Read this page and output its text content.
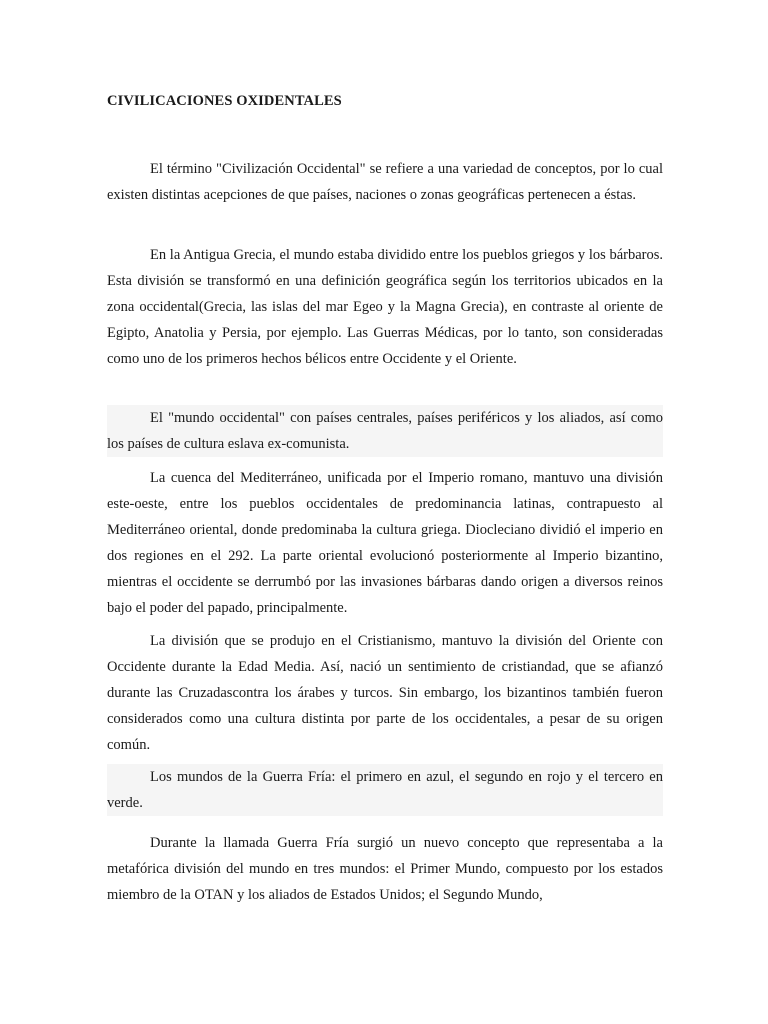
CIVILICACIONES OXIDENTALES

El término "Civilización Occidental" se refiere a una variedad de conceptos, por lo cual existen distintas acepciones de que países, naciones o zonas geográficas pertenecen a éstas.

En la Antigua Grecia, el mundo estaba dividido entre los pueblos griegos y los bárbaros. Esta división se transformó en una definición geográfica según los territorios ubicados en la zona occidental(Grecia, las islas del mar Egeo y la Magna Grecia), en contraste al oriente de Egipto, Anatolia y Persia, por ejemplo. Las Guerras Médicas, por lo tanto, son consideradas como uno de los primeros hechos bélicos entre Occidente y el Oriente.

El "mundo occidental" con países centrales, países periféricos y los aliados, así como los países de cultura eslava ex-comunista.

La cuenca del Mediterráneo, unificada por el Imperio romano, mantuvo una división este-oeste, entre los pueblos occidentales de predominancia latinas, contrapuesto al Mediterráneo oriental, donde predominaba la cultura griega. Diocleciano dividió el imperio en dos regiones en el 292. La parte oriental evolucionó posteriormente al Imperio bizantino, mientras el occidente se derrumbó por las invasiones bárbaras dando origen a diversos reinos bajo el poder del papado, principalmente.

La división que se produjo en el Cristianismo, mantuvo la división del Oriente con Occidente durante la Edad Media. Así, nació un sentimiento de cristiandad, que se afianzó durante las Cruzadascontra los árabes y turcos. Sin embargo, los bizantinos también fueron considerados como una cultura distinta por parte de los occidentales, a pesar de su origen común.

Los mundos de la Guerra Fría: el primero en azul, el segundo en rojo y el tercero en verde.

Durante la llamada Guerra Fría surgió un nuevo concepto que representaba a la metafórica división del mundo en tres mundos: el Primer Mundo, compuesto por los estados miembro de la OTAN y los aliados de Estados Unidos; el Segundo Mundo,
